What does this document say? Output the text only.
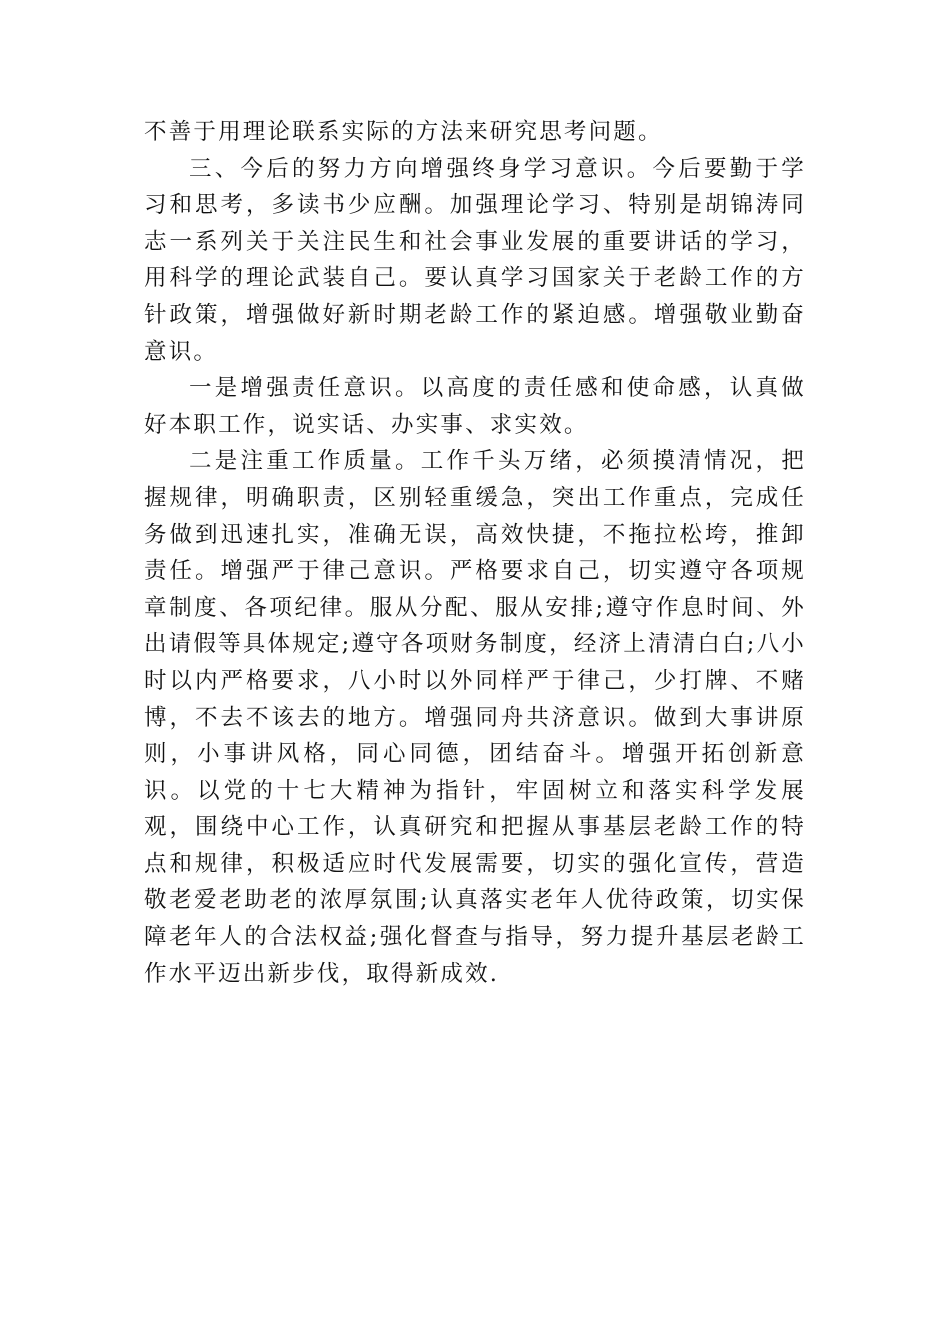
不善于用理论联系实际的方法来研究思考问题。

三、今后的努力方向增强终身学习意识。今后要勤于学习和思考，多读书少应酬。加强理论学习、特别是胡锦涛同志一系列关于关注民生和社会事业发展的重要讲话的学习，用科学的理论武装自己。要认真学习国家关于老龄工作的方针政策，增强做好新时期老龄工作的紧迫感。增强敬业勤奋意识。

一是增强责任意识。以高度的责任感和使命感，认真做好本职工作，说实话、办实事、求实效。

二是注重工作质量。工作千头万绪，必须摸清情况，把握规律，明确职责，区别轻重缓急，突出工作重点，完成任务做到迅速扎实，准确无误，高效快捷，不拖拉松垮，推卸责任。增强严于律己意识。严格要求自己，切实遵守各项规章制度、各项纪律。服从分配、服从安排;遵守作息时间、外出请假等具体规定;遵守各项财务制度，经济上清清白白;八小时以内严格要求，八小时以外同样严于律己，少打牌、不赌博，不去不该去的地方。增强同舟共济意识。做到大事讲原则，小事讲风格，同心同德，团结奋斗。增强开拓创新意识。以党的十七大精神为指针，牢固树立和落实科学发展观，围绕中心工作，认真研究和把握从事基层老龄工作的特点和规律，积极适应时代发展需要，切实的强化宣传，营造敬老爱老助老的浓厚氛围;认真落实老年人优待政策，切实保障老年人的合法权益;强化督查与指导，努力提升基层老龄工作水平迈出新步伐，取得新成效.
